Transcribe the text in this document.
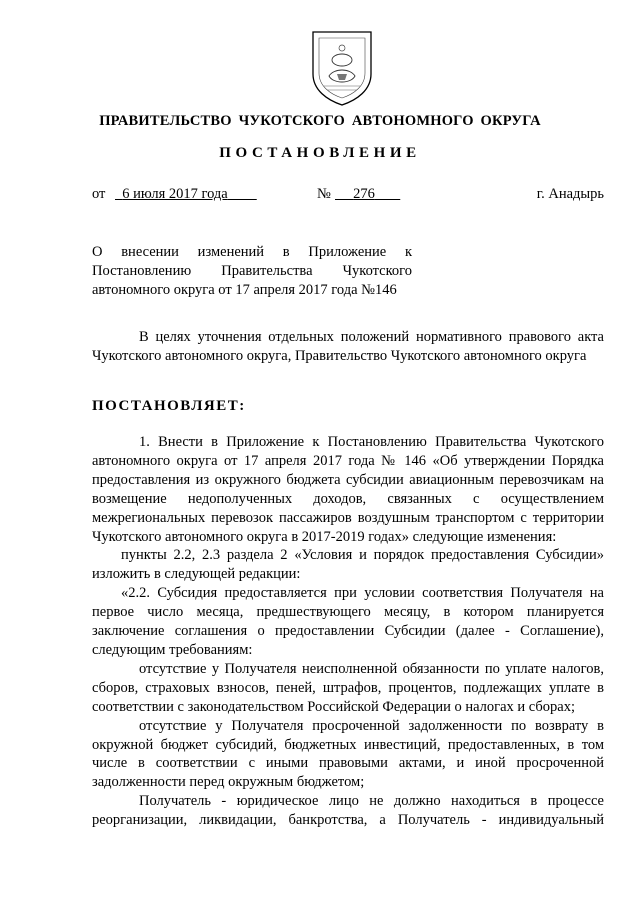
ПРАВИТЕЛЬСТВО ЧУКОТСКОГО АВТОНОМНОГО ОКРУГА
ПОСТАНОВЛЕНИЕ
от	6 июля 2017 года	№	276	г. Анадырь
О внесении изменений в Приложение к Постановлению Правительства Чукотского автономного округа от 17 апреля 2017 года №146
В целях уточнения отдельных положений нормативного правового акта Чукотского автономного округа, Правительство Чукотского автономного округа
ПОСТАНОВЛЯЕТ:

1. Внести в Приложение к Постановлению Правительства Чукотского автономного округа от 17 апреля 2017 года № 146 «Об утверждении Порядка предоставления из окружного бюджета субсидии авиационным перевозчикам на возмещение недополученных доходов, связанных с осуществлением межрегиональных перевозок пассажиров воздушным транспортом с территории Чукотского автономного округа в 2017-2019 годах» следующие изменения:

пункты 2.2, 2.3 раздела 2 «Условия и порядок предоставления Субсидии» изложить в следующей редакции:

«2.2. Субсидия предоставляется при условии соответствия Получателя на первое число месяца, предшествующего месяцу, в котором планируется заключение соглашения о предоставлении Субсидии (далее - Соглашение), следующим требованиям:

отсутствие у Получателя неисполненной обязанности по уплате налогов, сборов, страховых взносов, пеней, штрафов, процентов, подлежащих уплате в соответствии с законодательством Российской Федерации о налогах и сборах;

отсутствие у Получателя просроченной задолженности по возврату в окружной бюджет субсидий, бюджетных инвестиций, предоставленных, в том числе в соответствии с иными правовыми актами, и иной просроченной задолженности перед окружным бюджетом;

Получатель - юридическое лицо не должно находиться в процессе реорганизации, ликвидации, банкротства, а Получатель - индивидуальный
